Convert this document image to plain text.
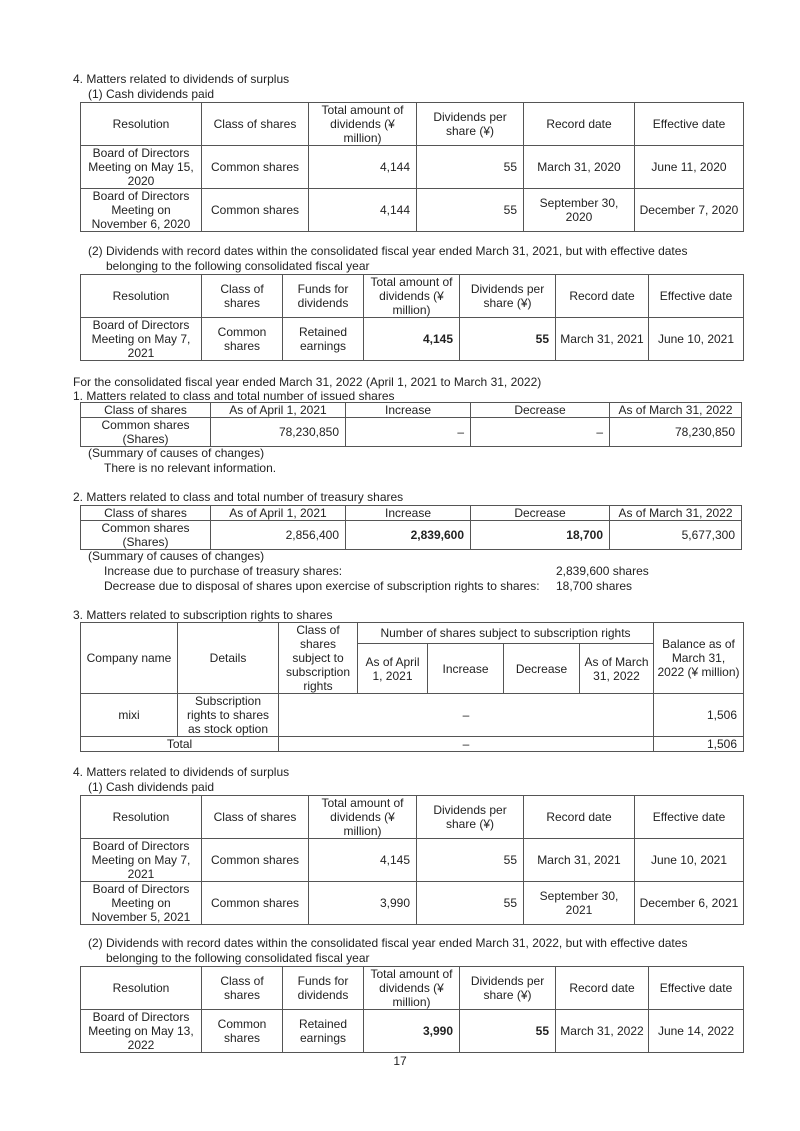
4. Matters related to dividends of surplus
(1) Cash dividends paid
Resolution	Class of shares	Total amount of dividends (¥ million)	Dividends per share (¥)	Record date	Effective date
Board of Directors Meeting on May 15, 2020	Common shares	4,144	55	March 31, 2020	June 11, 2020
Board of Directors Meeting on November 6, 2020	Common shares	4,144	55	September 30, 2020	December 7, 2020
(2) Dividends with record dates within the consolidated fiscal year ended March 31, 2021, but with effective dates
belonging to the following consolidated fiscal year
Resolution	Class of shares	Funds for dividends	Total amount of dividends (¥ million)	Dividends per share (¥)	Record date	Effective date
Board of Directors Meeting on May 7, 2021	Common shares	Retained earnings	4,145	55	March 31, 2021	June 10, 2021
For the consolidated fiscal year ended March 31, 2022 (April 1, 2021 to March 31, 2022)
1. Matters related to class and total number of issued shares
Class of shares	As of April 1, 2021	Increase	Decrease	As of March 31, 2022
Common shares (Shares)	78,230,850	–	–	78,230,850
(Summary of causes of changes)
There is no relevant information.
2. Matters related to class and total number of treasury shares
Class of shares	As of April 1, 2021	Increase	Decrease	As of March 31, 2022
Common shares (Shares)	2,856,400	2,839,600	18,700	5,677,300
(Summary of causes of changes)
Increase due to purchase of treasury shares:	2,839,600 shares
Decrease due to disposal of shares upon exercise of subscription rights to shares: 18,700 shares
3. Matters related to subscription rights to shares
Company name	Details	Class of shares subject to subscription rights	Number of shares subject to subscription rights				Balance as of March 31, 2022 (¥ million)
			As of April 1, 2021	Increase	Decrease	As of March 31, 2022	
mixi	Subscription rights to shares as stock option	–					1,506
Total		–					1,506
4. Matters related to dividends of surplus
(1) Cash dividends paid
Resolution	Class of shares	Total amount of dividends (¥ million)	Dividends per share (¥)	Record date	Effective date
Board of Directors Meeting on May 7, 2021	Common shares	4,145	55	March 31, 2021	June 10, 2021
Board of Directors Meeting on November 5, 2021	Common shares	3,990	55	September 30, 2021	December 6, 2021
(2) Dividends with record dates within the consolidated fiscal year ended March 31, 2022, but with effective dates
belonging to the following consolidated fiscal year
Resolution	Class of shares	Funds for dividends	Total amount of dividends (¥ million)	Dividends per share (¥)	Record date	Effective date
Board of Directors Meeting on May 13, 2022	Common shares	Retained earnings	3,990	55	March 31, 2022	June 14, 2022
17
